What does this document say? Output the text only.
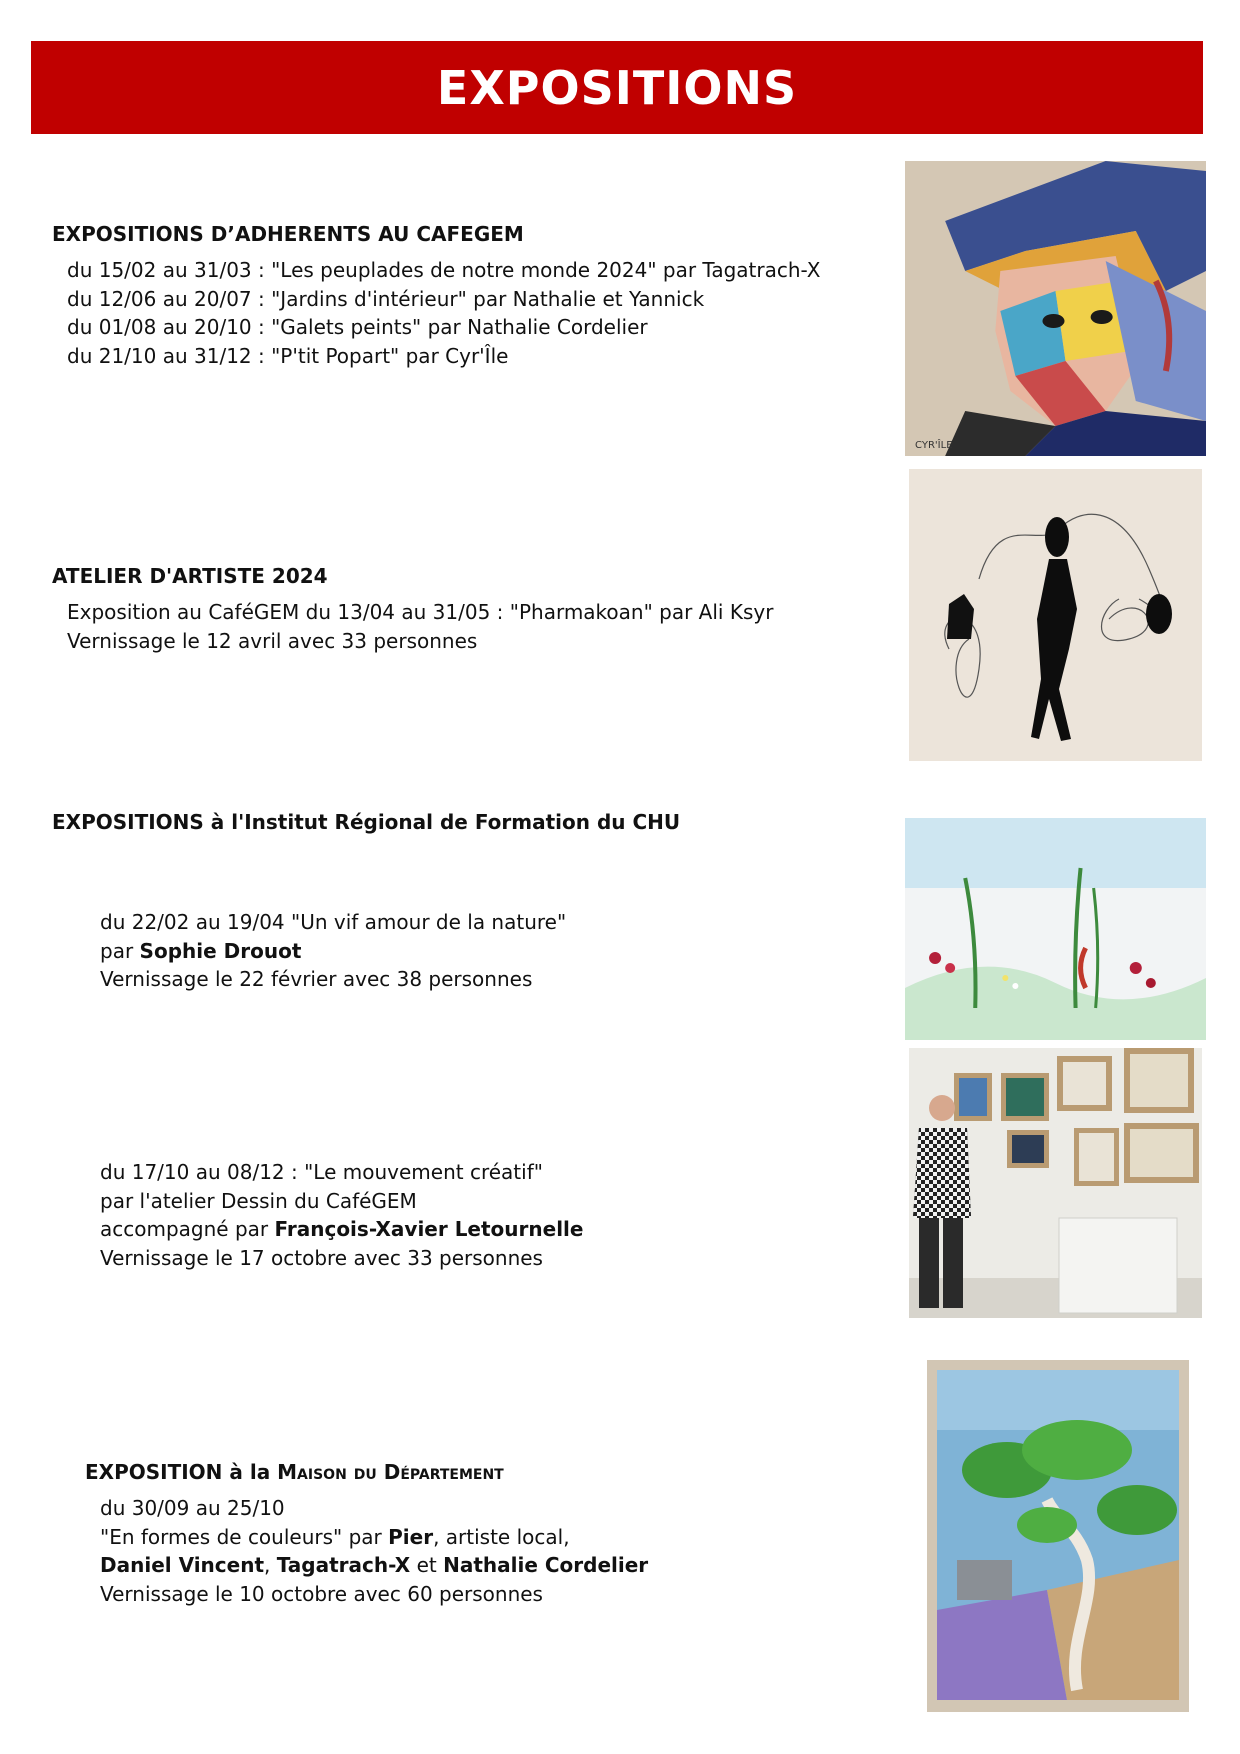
EXPOSITIONS
EXPOSITIONS D’ADHERENTS AU CAFEGEM
du 15/02 au 31/03 : "Les peuplades de notre monde 2024" par Tagatrach-X
du 12/06 au 20/07 : "Jardins d'intérieur" par Nathalie et Yannick
du 01/08 au 20/10 : "Galets peints" par Nathalie Cordelier
du 21/10 au 31/12 : "P'tit Popart" par Cyr'Île
ATELIER D'ARTISTE 2024
Exposition au CaféGEM du 13/04 au 31/05 : "Pharmakoan" par Ali Ksyr
Vernissage le 12 avril avec 33 personnes
EXPOSITIONS à l'Institut Régional de Formation du CHU
du 22/02 au 19/04 "Un vif amour de la nature"
par Sophie Drouot
Vernissage le 22 février avec 38 personnes
du 17/10 au 08/12 : "Le mouvement créatif"
par l'atelier Dessin du CaféGEM
accompagné par François-Xavier Letournelle
Vernissage le 17 octobre avec 33 personnes
EXPOSITION à la Maison du Département
du 30/09 au 25/10
"En formes de couleurs" par Pier, artiste local,
Daniel Vincent, Tagatrach-X et Nathalie Cordelier
Vernissage le 10 octobre avec 60 personnes
CYR'ÎLE
